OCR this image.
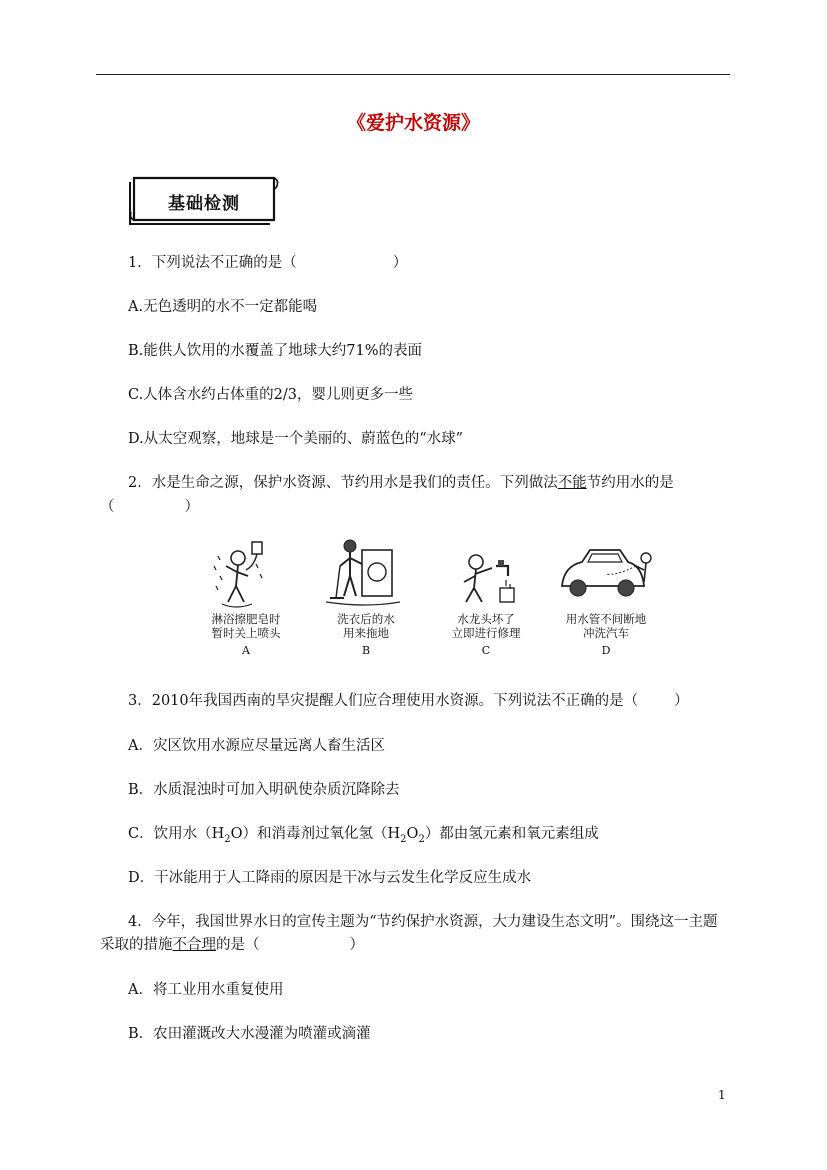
《爱护水资源》
基础检测
1．下列说法不正确的是（	）
A.无色透明的水不一定都能喝
B.能供人饮用的水覆盖了地球大约71%的表面
C.人体含水约占体重的2/3，婴儿则更多一些
D.从太空观察，地球是一个美丽的、蔚蓝色的“水球”
2．水是生命之源，保护水资源、节约用水是我们的责任。下列做法不能节约用水的是
（	）
淋浴擦肥皂时
暂时关上喷头
A
洗衣后的水
用来拖地
B
水龙头坏了
立即进行修理
C
用水管不间断地
冲洗汽车
D
3．2010年我国西南的旱灾提醒人们应合理使用水资源。下列说法不正确的是（ ）
A．灾区饮用水源应尽量远离人畜生活区
B．水质混浊时可加入明矾使杂质沉降除去
C．饮用水$(H_2O)$和消毒剂过氧化氢$(H_2O_2)$都由氢元素和氧元素组成
D．干冰能用于人工降雨的原因是干冰与云发生化学反应生成水
4．今年，我国世界水日的宣传主题为“节约保护水资源，大力建设生态文明”。围绕这一主题采取的措施不合理的是（	）
A．将工业用水重复使用
B．农田灌溉改大水漫灌为喷灌或滴灌
1
